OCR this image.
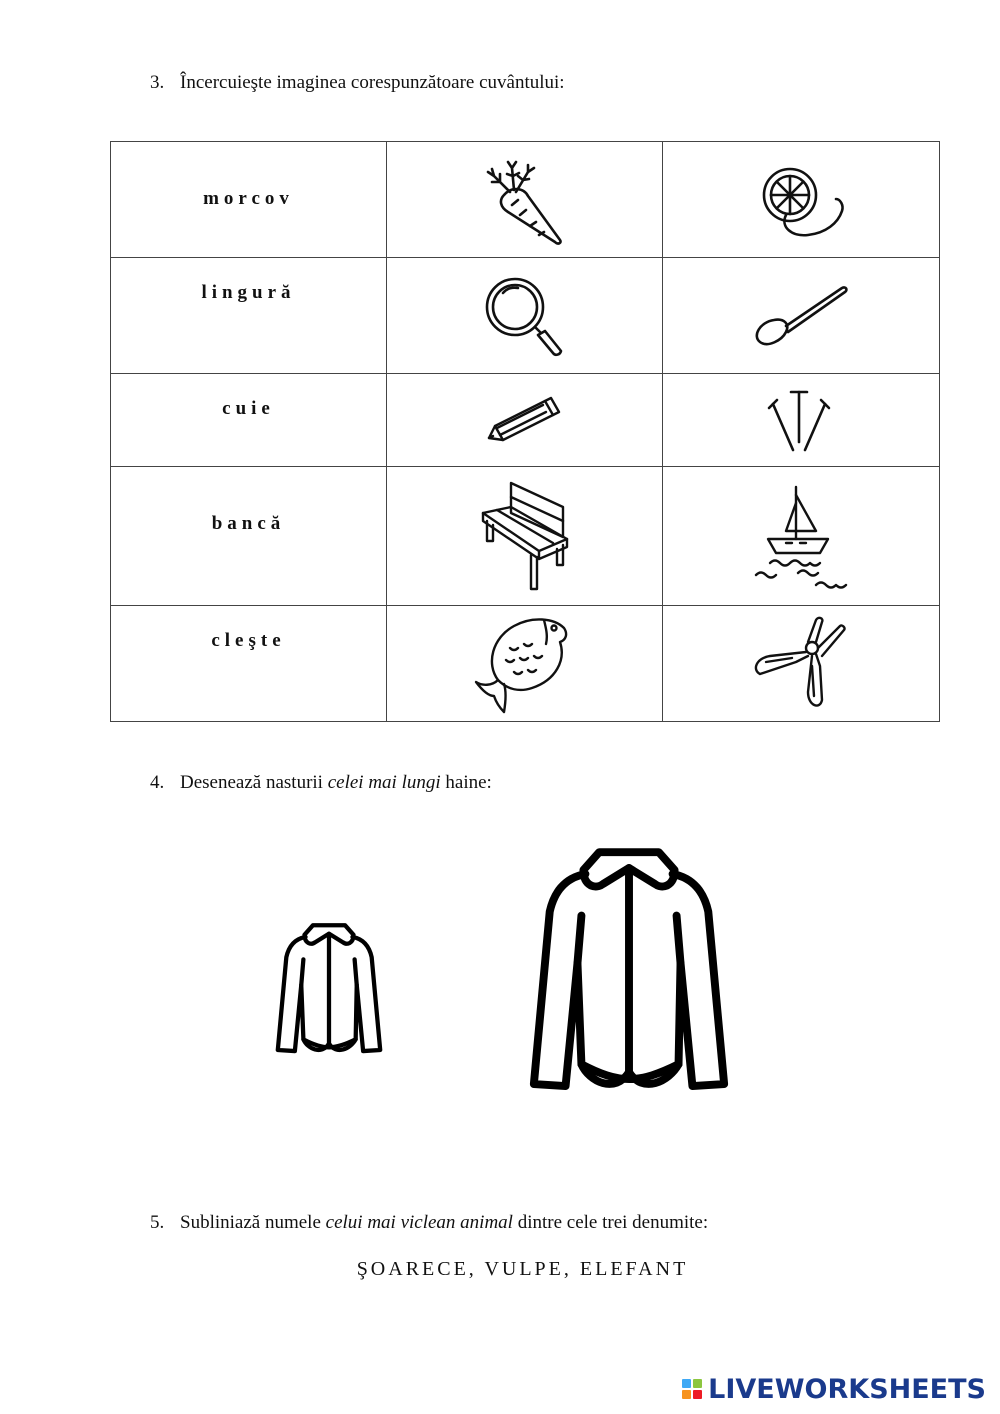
3. Încercuieşte imaginea corespunzătoare cuvântului:
morcov

lingură

cuie

bancă

cleşte

4. Desenează nasturii celei mai lungi haine:
5. Subliniază numele celui mai viclean animal dintre cele trei denumite:
ŞOARECE, VULPE, ELEFANT
LIVEWORKSHEETS
